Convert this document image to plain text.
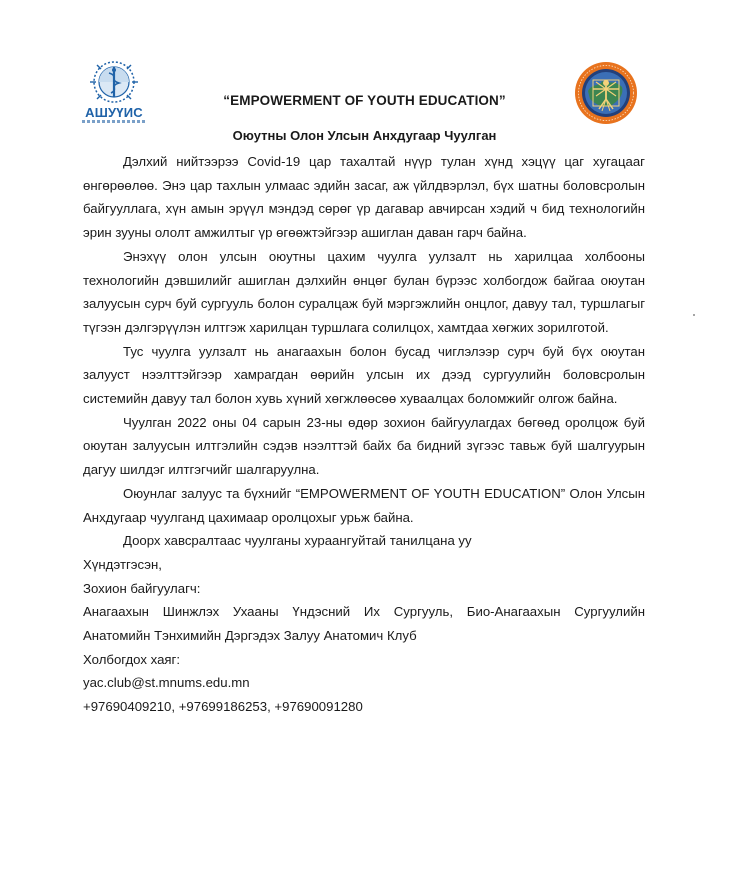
АШУҮИС
“EMPOWERMENT OF YOUTH EDUCATION”
Оюутны Олон Улсын Анхдугаар Чуулган

Дэлхий нийтээрээ Covid-19 цар тахалтай нүүр тулан хүнд хэцүү цаг хугацааг өнгөрөөлөө. Энэ цар тахлын улмаас эдийн засаг, аж үйлдвэрлэл, бүх шатны боловсролын байгууллага, хүн амын эрүүл мэндэд сөрөг үр дагавар авчирсан хэдий ч бид технологийн эрин зууны ололт амжилтыг үр өгөөжтэйгээр ашиглан даван гарч байна.

Энэхүү олон улсын оюутны цахим чуулга уулзалт нь харилцаа холбооны технологийн дэвшилийг ашиглан дэлхийн өнцөг булан бүрээс холбогдож байгаа оюутан залуусын сурч буй сургууль болон суралцаж буй мэргэжлийн онцлог, давуу тал, туршлагыг түгээн дэлгэрүүлэн илтгэж харилцан туршлага солилцох, хамтдаа хөгжих зорилготой.

Тус чуулга уулзалт нь анагаахын болон бусад чиглэлээр сурч буй бүх оюутан залууст нээлттэйгээр хамрагдан өөрийн улсын их дээд сургуулийн боловсролын системийн давуу тал болон хувь хүний хөгжлөөсөө хуваалцах боломжийг олгож байна.

Чуулган 2022 оны 04 сарын 23-ны өдөр зохион байгуулагдах бөгөөд оролцож буй оюутан залуусын илтгэлийн сэдэв нээлттэй байх ба бидний зүгээс тавьж буй шалгуурын дагуу шилдэг илтгэгчийг шалгаруулна.

Оюунлаг залуус та бүхнийг “EMPOWERMENT OF YOUTH EDUCATION” Олон Улсын Анхдугаар чуулганд цахимаар оролцохыг урьж байна.

Доорх хавсралтаас чуулганы хураангуйтай танилцана уу
Хүндэтгэсэн,
Зохион байгуулагч:
Анагаахын Шинжлэх Ухааны Үндэсний Их Сургууль, Био-Анагаахын Сургуулийн Анатомийн Тэнхимийн Дэргэдэх Залуу Анатомич Клуб
Холбогдох хаяг:
yac.club@st.mnums.edu.mn
+97690409210, +97699186253, +97690091280
